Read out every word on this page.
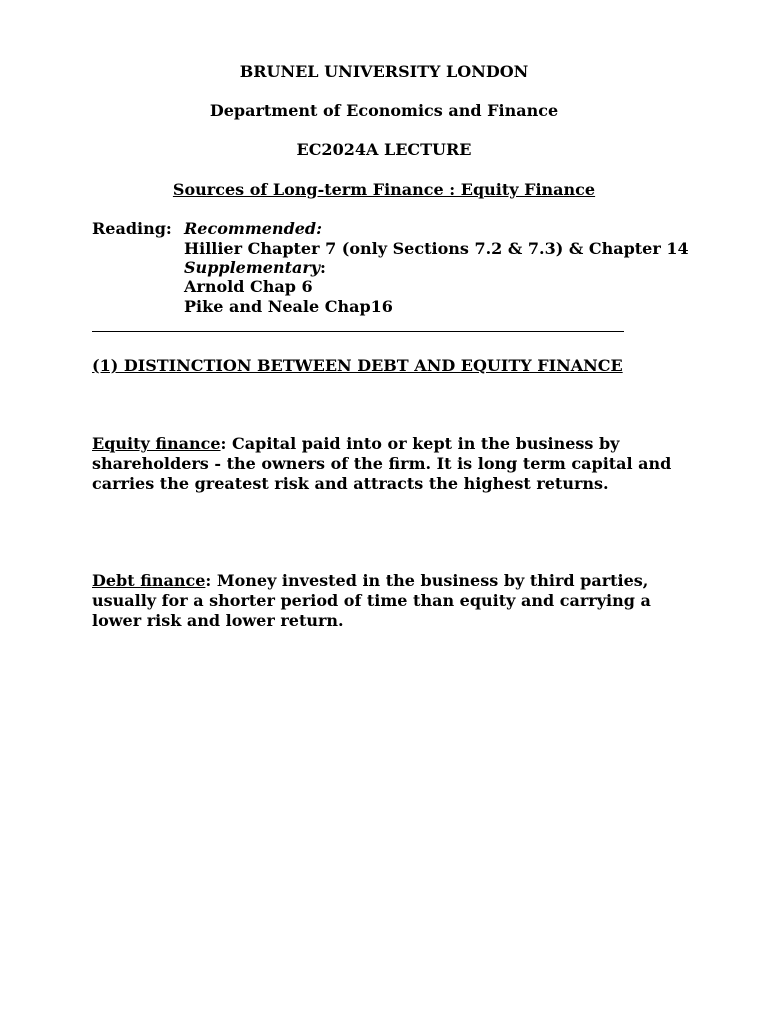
BRUNEL UNIVERSITY LONDON
Department of Economics and Finance
EC2024A LECTURE
Sources of Long-term Finance : Equity Finance
Reading: Recommended:
Hillier Chapter 7 (only Sections 7.2 & 7.3) & Chapter 14
Supplementary:
Arnold Chap 6
Pike and Neale Chap16
(1) DISTINCTION BETWEEN DEBT AND EQUITY FINANCE
Equity finance: Capital paid into or kept in the business by shareholders - the owners of the firm. It is long term capital and carries the greatest risk and attracts the highest returns.
Debt finance: Money invested in the business by third parties, usually for a shorter period of time than equity and carrying a lower risk and lower return.
